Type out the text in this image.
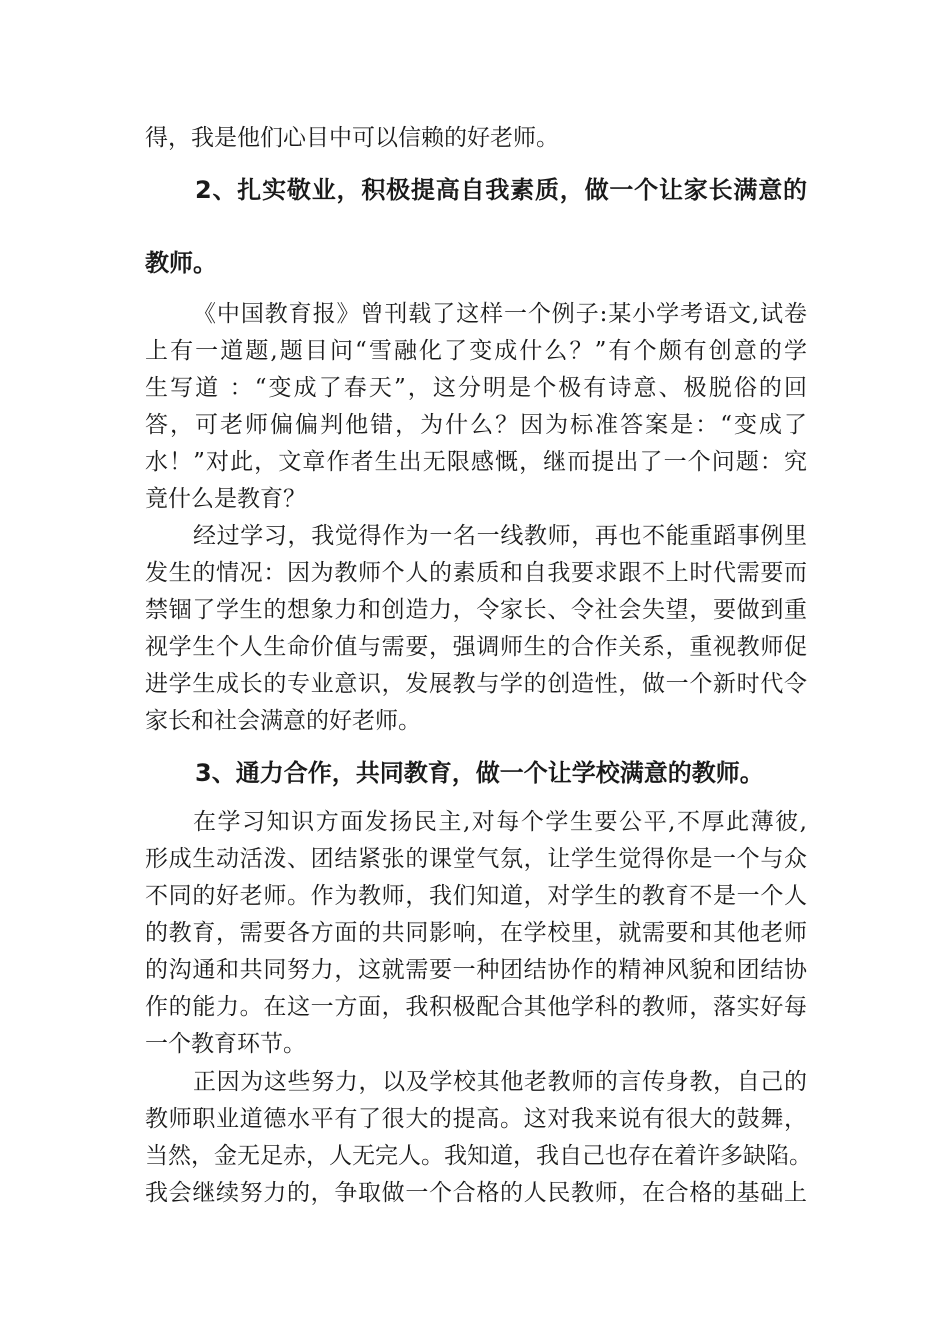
得，我是他们心目中可以信赖的好老师。
2、扎实敬业，积极提高自我素质，做一个让家长满意的
教师。
《中国教育报》曾刊载了这样一个例子:某小学考语文,试卷
上有一道题,题目问“雪融化了变成什么？”有个颇有创意的学
生写道 ：“变成了春天”，这分明是个极有诗意、极脱俗的回
答，可老师偏偏判他错，为什么？因为标准答案是：“变成了
水！”对此，文章作者生出无限感慨，继而提出了一个问题：究
竟什么是教育？
经过学习，我觉得作为一名一线教师，再也不能重蹈事例里
发生的情况：因为教师个人的素质和自我要求跟不上时代需要而
禁锢了学生的想象力和创造力，令家长、令社会失望，要做到重
视学生个人生命价值与需要，强调师生的合作关系，重视教师促
进学生成长的专业意识，发展教与学的创造性，做一个新时代令
家长和社会满意的好老师。
3、通力合作，共同教育，做一个让学校满意的教师。
在学习知识方面发扬民主,对每个学生要公平,不厚此薄彼,
形成生动活泼、团结紧张的课堂气氛，让学生觉得你是一个与众
不同的好老师。作为教师，我们知道，对学生的教育不是一个人
的教育，需要各方面的共同影响，在学校里，就需要和其他老师
的沟通和共同努力，这就需要一种团结协作的精神风貌和团结协
作的能力。在这一方面，我积极配合其他学科的教师，落实好每
一个教育环节。
正因为这些努力，以及学校其他老教师的言传身教，自己的
教师职业道德水平有了很大的提高。这对我来说有很大的鼓舞，
当然，金无足赤，人无完人。我知道，我自己也存在着许多缺陷。
我会继续努力的，争取做一个合格的人民教师，在合格的基础上
